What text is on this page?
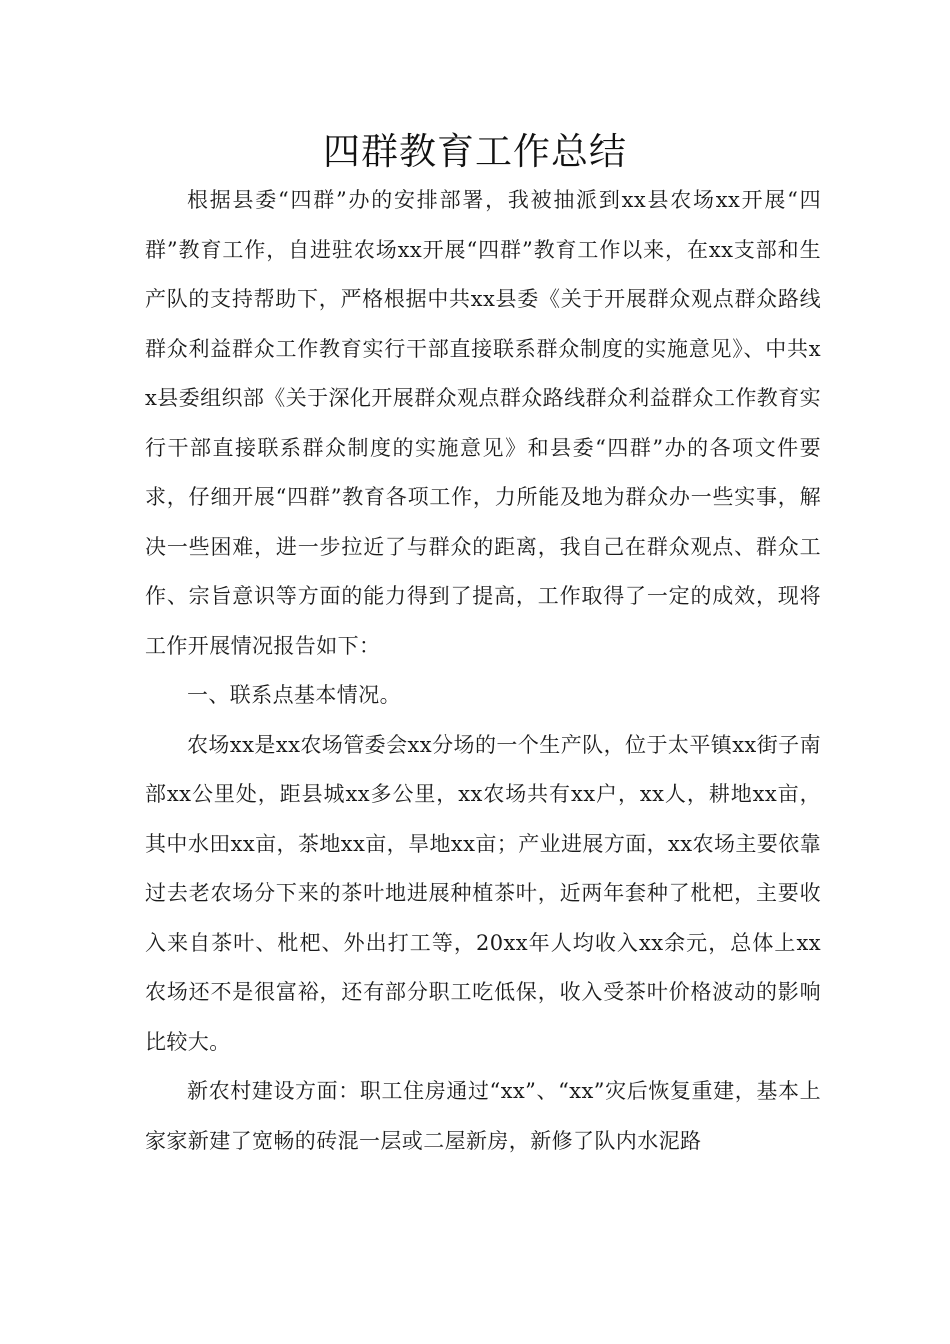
四群教育工作总结

根据县委“四群”办的安排部署，我被抽派到xx县农场xx开展“四群”教育工作，自进驻农场xx开展“四群”教育工作以来，在xx支部和生产队的支持帮助下，严格根据中共xx县委《关于开展群众观点群众路线群众利益群众工作教育实行干部直接联系群众制度的实施意见》、中共xx县委组织部《关于深化开展群众观点群众路线群众利益群众工作教育实行干部直接联系群众制度的实施意见》和县委“四群”办的各项文件要求，仔细开展“四群”教育各项工作，力所能及地为群众办一些实事，解决一些困难，进一步拉近了与群众的距离，我自己在群众观点、群众工作、宗旨意识等方面的能力得到了提高，工作取得了一定的成效，现将工作开展情况报告如下：

一、联系点基本情况。

农场xx是xx农场管委会xx分场的一个生产队，位于太平镇xx街子南部xx公里处，距县城xx多公里，xx农场共有xx户，xx人，耕地xx亩，其中水田xx亩，茶地xx亩，旱地xx亩；产业进展方面，xx农场主要依靠过去老农场分下来的茶叶地进展种植茶叶，近两年套种了枇杷，主要收入来自茶叶、枇杷、外出打工等，20xx年人均收入xx余元，总体上xx农场还不是很富裕，还有部分职工吃低保，收入受茶叶价格波动的影响比较大。

新农村建设方面：职工住房通过“xx”、“xx”灾后恢复重建，基本上家家新建了宽畅的砖混一层或二屋新房，新修了队内水泥路
